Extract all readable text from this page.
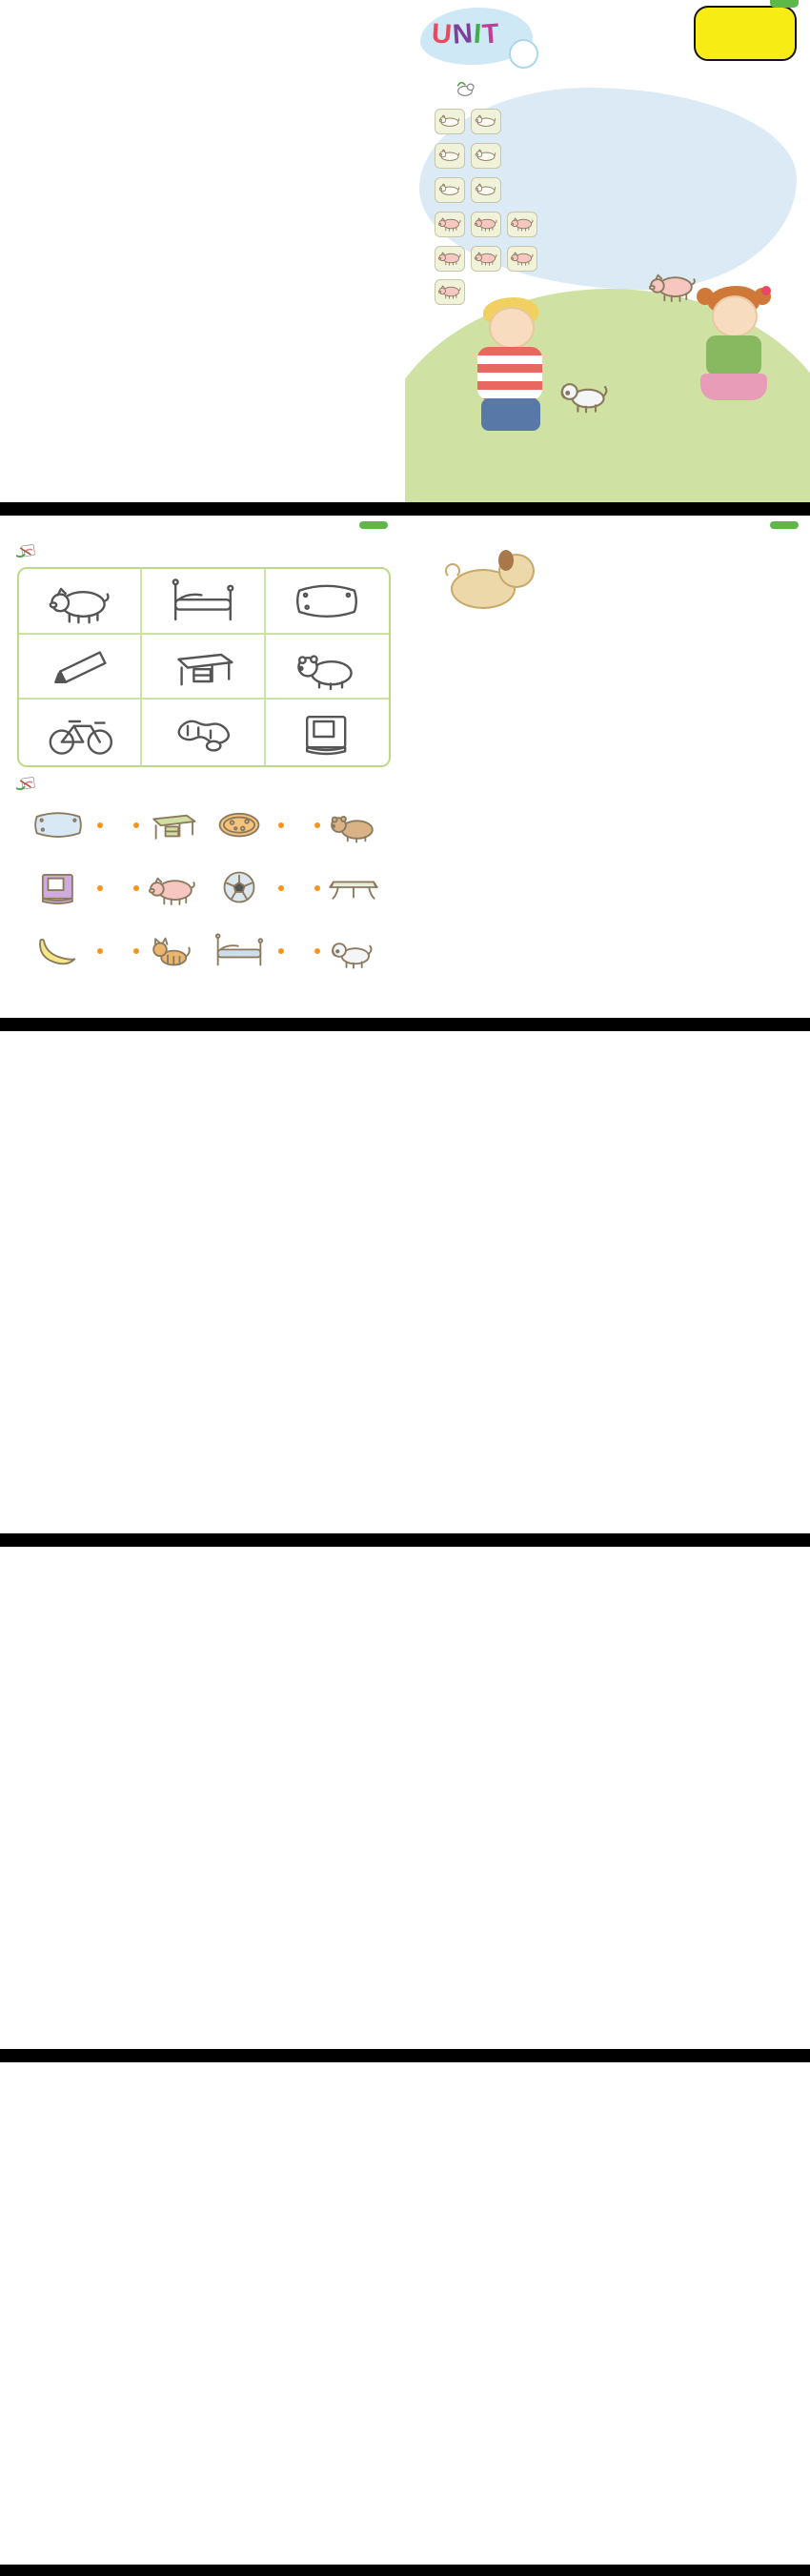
UNIT
